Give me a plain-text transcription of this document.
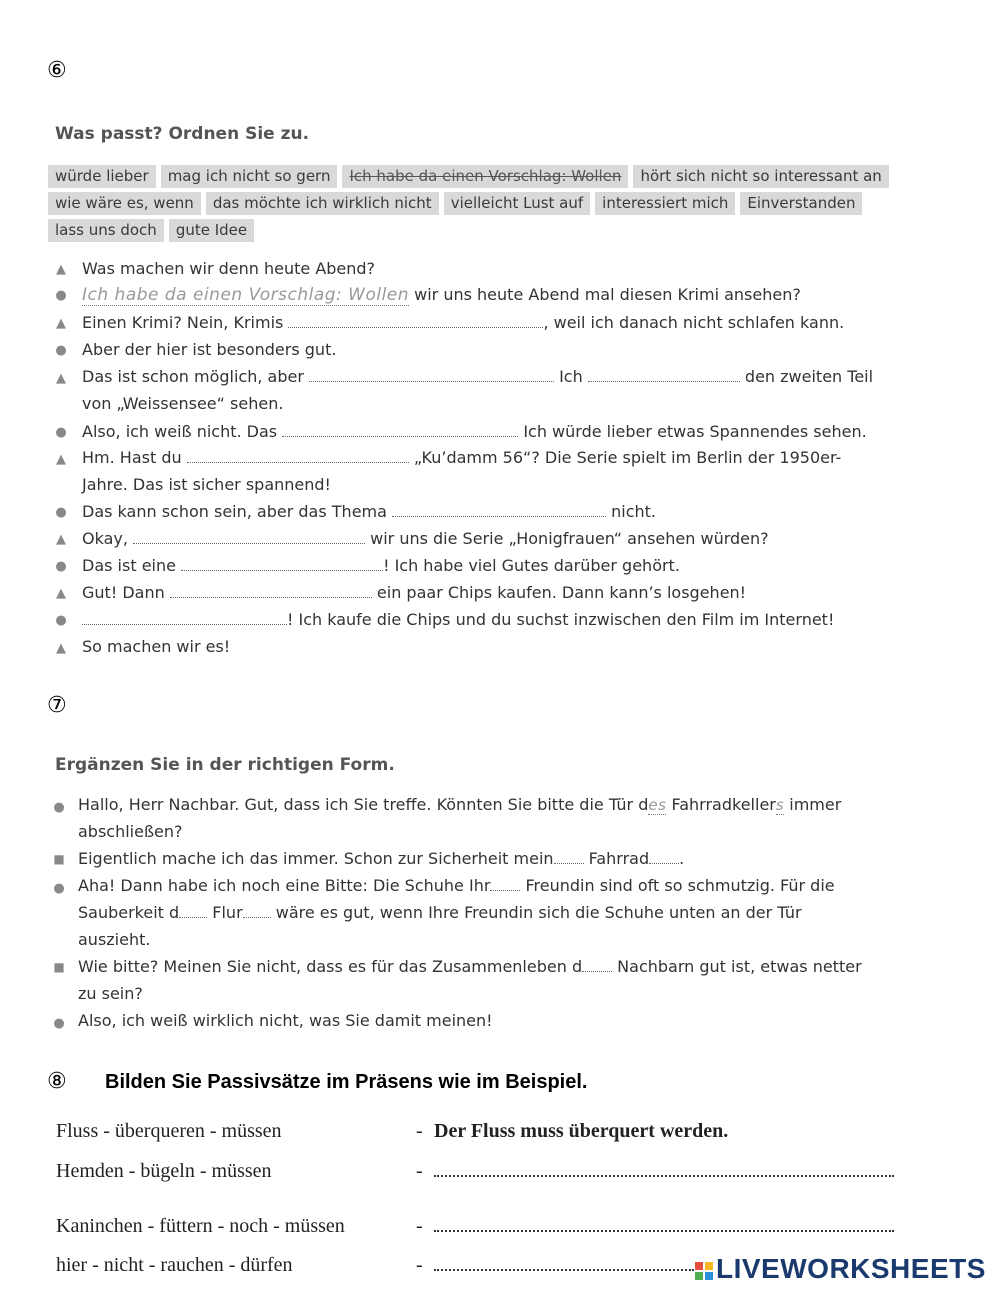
⑥
Was passt? Ordnen Sie zu.
würde lieber	mag ich nicht so gern	Ich habe da einen Vorschlag: Wollen	hört sich nicht so interessant an
wie wäre es, wenn	das möchte ich wirklich nicht	vielleicht Lust auf	interessiert mich	Einverstanden
lass uns doch	gute Idee
▲ Was machen wir denn heute Abend?
● Ich habe da einen Vorschlag: Wollen wir uns heute Abend mal diesen Krimi ansehen?
▲ Einen Krimi? Nein, Krimis	, weil ich danach nicht schlafen kann.
● Aber der hier ist besonders gut.
▲ Das ist schon möglich, aber	Ich	den zweiten Teil
von „Weissensee“ sehen.
● Also, ich weiß nicht. Das	Ich würde lieber etwas Spannendes sehen.
▲ Hm. Hast du	„Ku’damm 56“? Die Serie spielt im Berlin der 1950er-
Jahre. Das ist sicher spannend!
● Das kann schon sein, aber das Thema	nicht.
▲ Okay,	wir uns die Serie „Honigfrauen“ ansehen würden?
● Das ist eine	! Ich habe viel Gutes darüber gehört.
▲ Gut! Dann	ein paar Chips kaufen. Dann kann’s losgehen!
●	! Ich kaufe die Chips und du suchst inzwischen den Film im Internet!
▲ So machen wir es!
⑦
Ergänzen Sie in der richtigen Form.
● Hallo, Herr Nachbar. Gut, dass ich Sie treffe. Könnten Sie bitte die Tür des Fahrradkellers immer
abschließen?
■ Eigentlich mache ich das immer. Schon zur Sicherheit mein Fahrrad .
● Aha! Dann habe ich noch eine Bitte: Die Schuhe Ihr Freundin sind oft so schmutzig. Für die
Sauberkeit d Flur wäre es gut, wenn Ihre Freundin sich die Schuhe unten an der Tür
auszieht.
■ Wie bitte? Meinen Sie nicht, dass es für das Zusammenleben d Nachbarn gut ist, etwas netter
zu sein?
● Also, ich weiß wirklich nicht, was Sie damit meinen!
⑧ Bilden Sie Passivsätze im Präsens wie im Beispiel.
Fluss - überqueren - müssen	- Der Fluss muss überquert werden.
Hemden - bügeln - müssen	-
Kaninchen - füttern - noch - müssen	-
hier - nicht - rauchen - dürfen	-	LIVEWORKSHEETS
